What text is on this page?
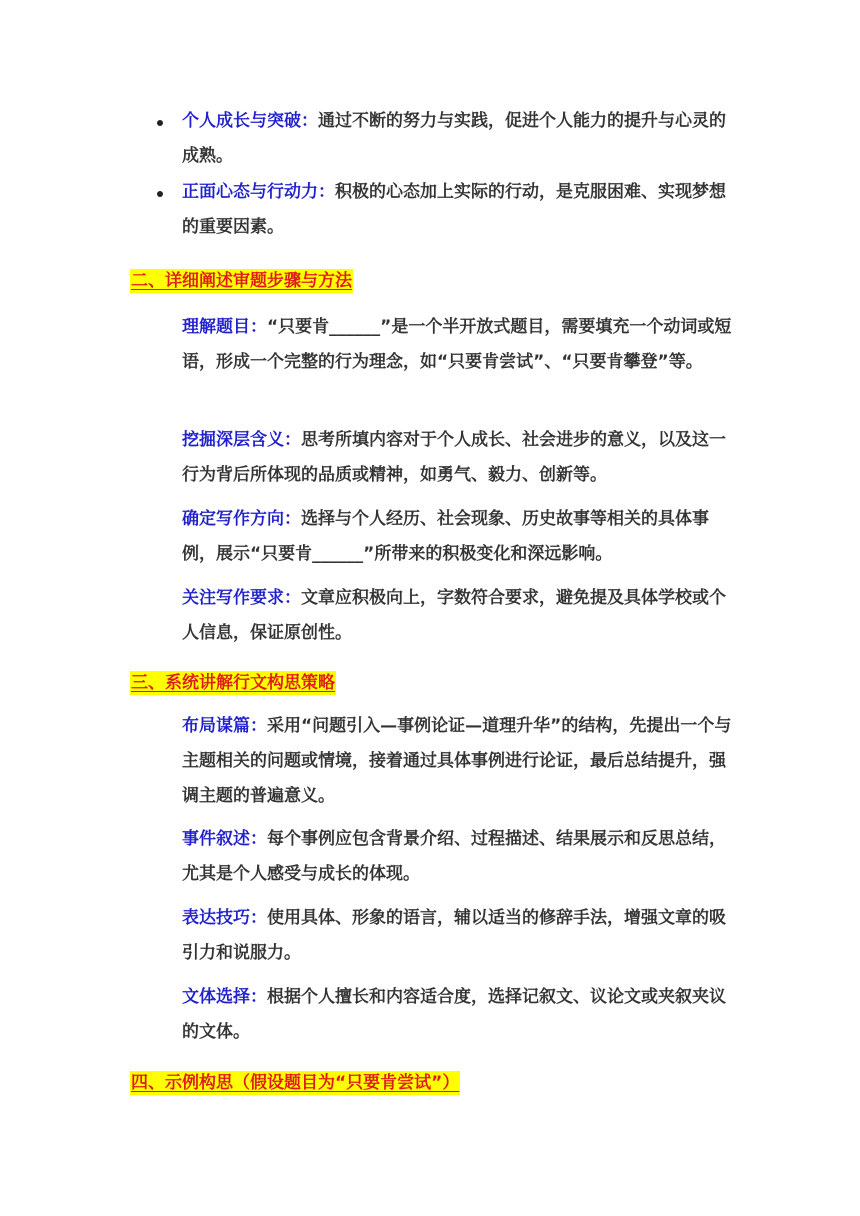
个人成长与突破：通过不断的努力与实践，促进个人能力的提升与心灵的成熟。
正面心态与行动力：积极的心态加上实际的行动，是克服困难、实现梦想的重要因素。
二、详细阐述审题步骤与方法

理解题目：“只要肯______”是一个半开放式题目，需要填充一个动词或短语，形成一个完整的行为理念，如“只要肯尝试”、“只要肯攀登”等。

挖掘深层含义：思考所填内容对于个人成长、社会进步的意义，以及这一行为背后所体现的品质或精神，如勇气、毅力、创新等。

确定写作方向：选择与个人经历、社会现象、历史故事等相关的具体事例，展示“只要肯______”所带来的积极变化和深远影响。

关注写作要求：文章应积极向上，字数符合要求，避免提及具体学校或个人信息，保证原创性。

三、系统讲解行文构思策略

布局谋篇：采用“问题引入—事例论证—道理升华”的结构，先提出一个与主题相关的问题或情境，接着通过具体事例进行论证，最后总结提升，强调主题的普遍意义。

事件叙述：每个事例应包含背景介绍、过程描述、结果展示和反思总结，尤其是个人感受与成长的体现。

表达技巧：使用具体、形象的语言，辅以适当的修辞手法，增强文章的吸引力和说服力。

文体选择：根据个人擅长和内容适合度，选择记叙文、议论文或夹叙夹议的文体。

四、示例构思（假设题目为“只要肯尝试”）
